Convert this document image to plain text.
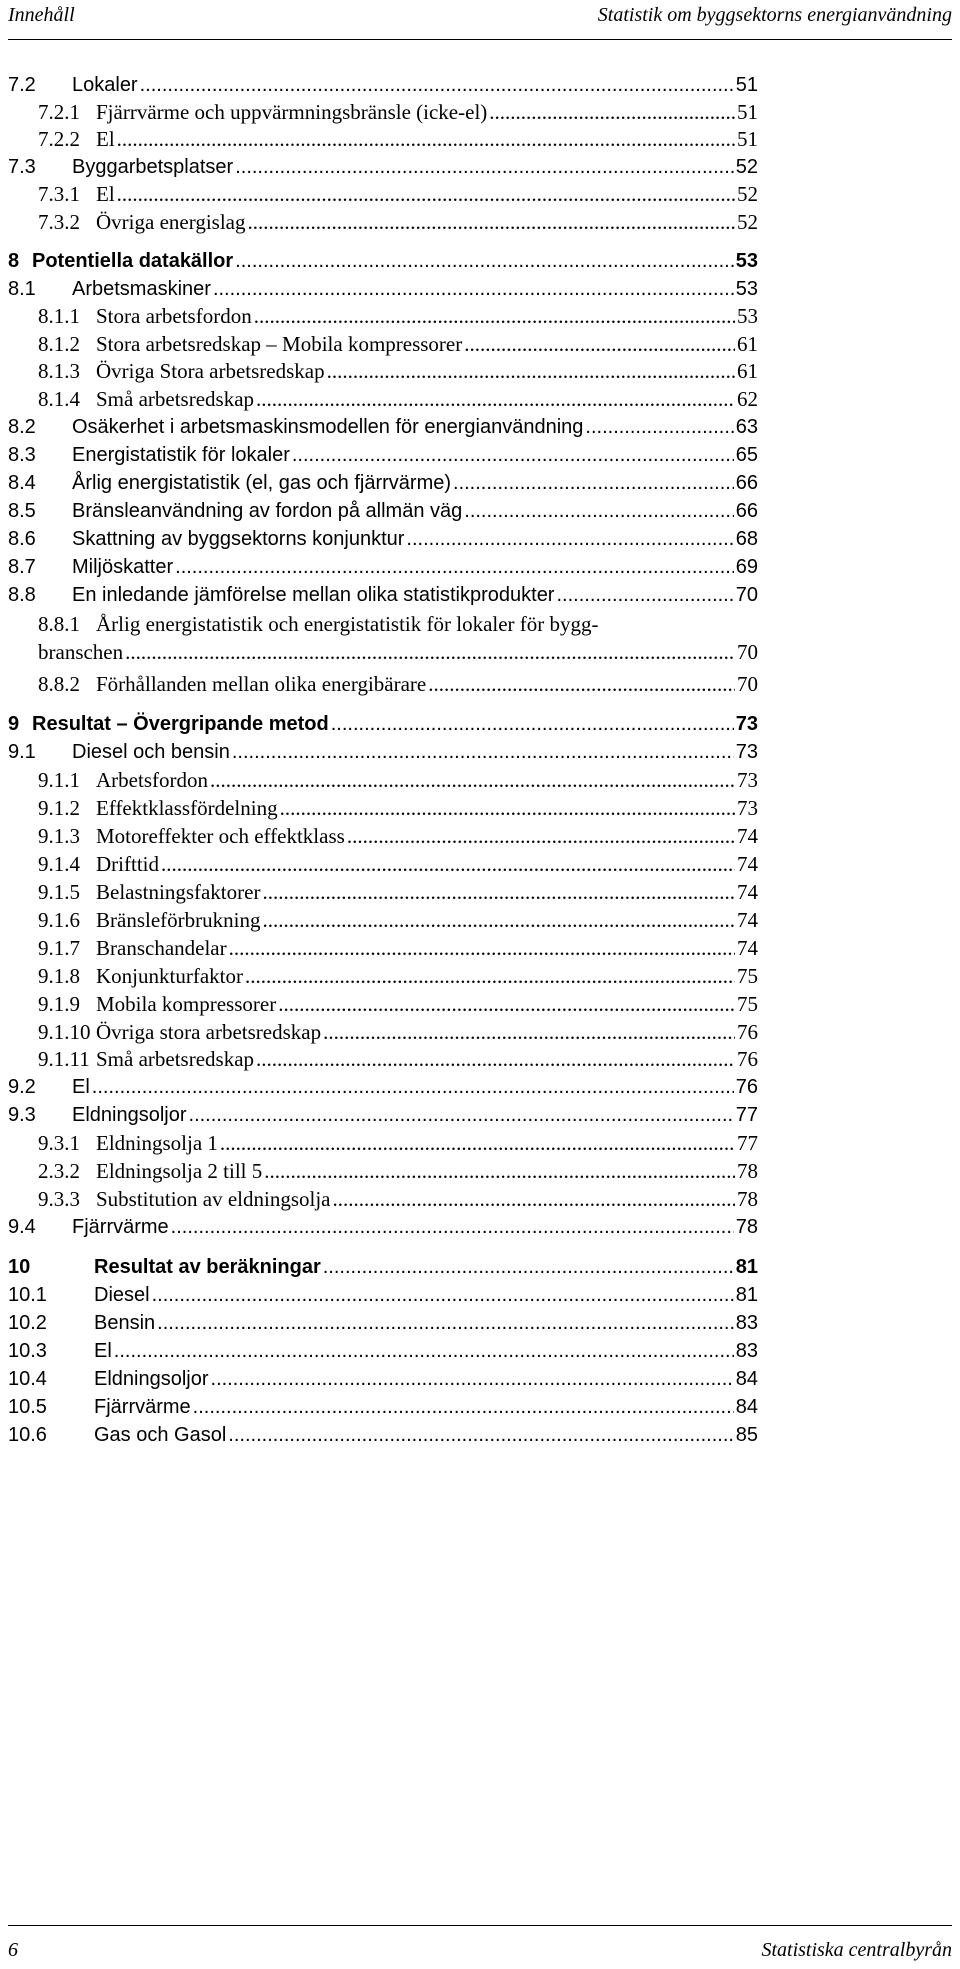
Innehåll	Statistik om byggsektorns energianvändning
7.2	Lokaler .....	51
7.2.1 Fjärrvärme och uppvärmningsbränsle (icke-el) .....	51
7.2.2 El .....	51
7.3	Byggarbetsplatser .....	52
7.3.1 El .....	52
7.3.2 Övriga energislag .....	52
8 Potentiella datakällor .....	53
8.1	Arbetsmaskiner .....	53
8.1.1 Stora arbetsfordon .....	53
8.1.2 Stora arbetsredskap – Mobila kompressorer .....	61
8.1.3 Övriga Stora arbetsredskap .....	61
8.1.4 Små arbetsredskap .....	62
8.2	Osäkerhet i arbetsmaskinsmodellen för energianvändning .....	63
8.3	Energistatistik för lokaler .....	65
8.4	Årlig energistatistik (el, gas och fjärrvärme) .....	66
8.5	Bränsleanvändning av fordon på allmän väg .....	66
8.6	Skattning av byggsektorns konjunktur .....	68
8.7	Miljöskatter .....	69
8.8	En inledande jämförelse mellan olika statistikprodukter .....	70
8.8.1 Årlig energistatistik och energistatistik för lokaler för bygg-
branschen .....	70
8.8.2 Förhållanden mellan olika energibärare .....	70
9 Resultat – Övergripande metod .....	73
9.1	Diesel och bensin .....	73
9.1.1 Arbetsfordon .....	73
9.1.2 Effektklassfördelning .....	73
9.1.3 Motoreffekter och effektklass .....	74
9.1.4 Drifttid .....	74
9.1.5 Belastningsfaktorer .....	74
9.1.6 Bränsleförbrukning .....	74
9.1.7 Branschandelar .....	74
9.1.8 Konjunkturfaktor .....	75
9.1.9 Mobila kompressorer .....	75
9.1.10 Övriga stora arbetsredskap .....	76
9.1.11 Små arbetsredskap .....	76
9.2	El .....	76
9.3	Eldningsoljor .....	77
9.3.1 Eldningsolja 1 .....	77
2.3.2 Eldningsolja 2 till 5 .....	78
9.3.3 Substitution av eldningsolja .....	78
9.4	Fjärrvärme .....	78
10	Resultat av beräkningar .....	81
10.1	Diesel .....	81
10.2	Bensin .....	83
10.3	El .....	83
10.4	Eldningsoljor .....	84
10.5	Fjärrvärme .....	84
10.6	Gas och Gasol .....	85
6	Statistiska centralbyrån
